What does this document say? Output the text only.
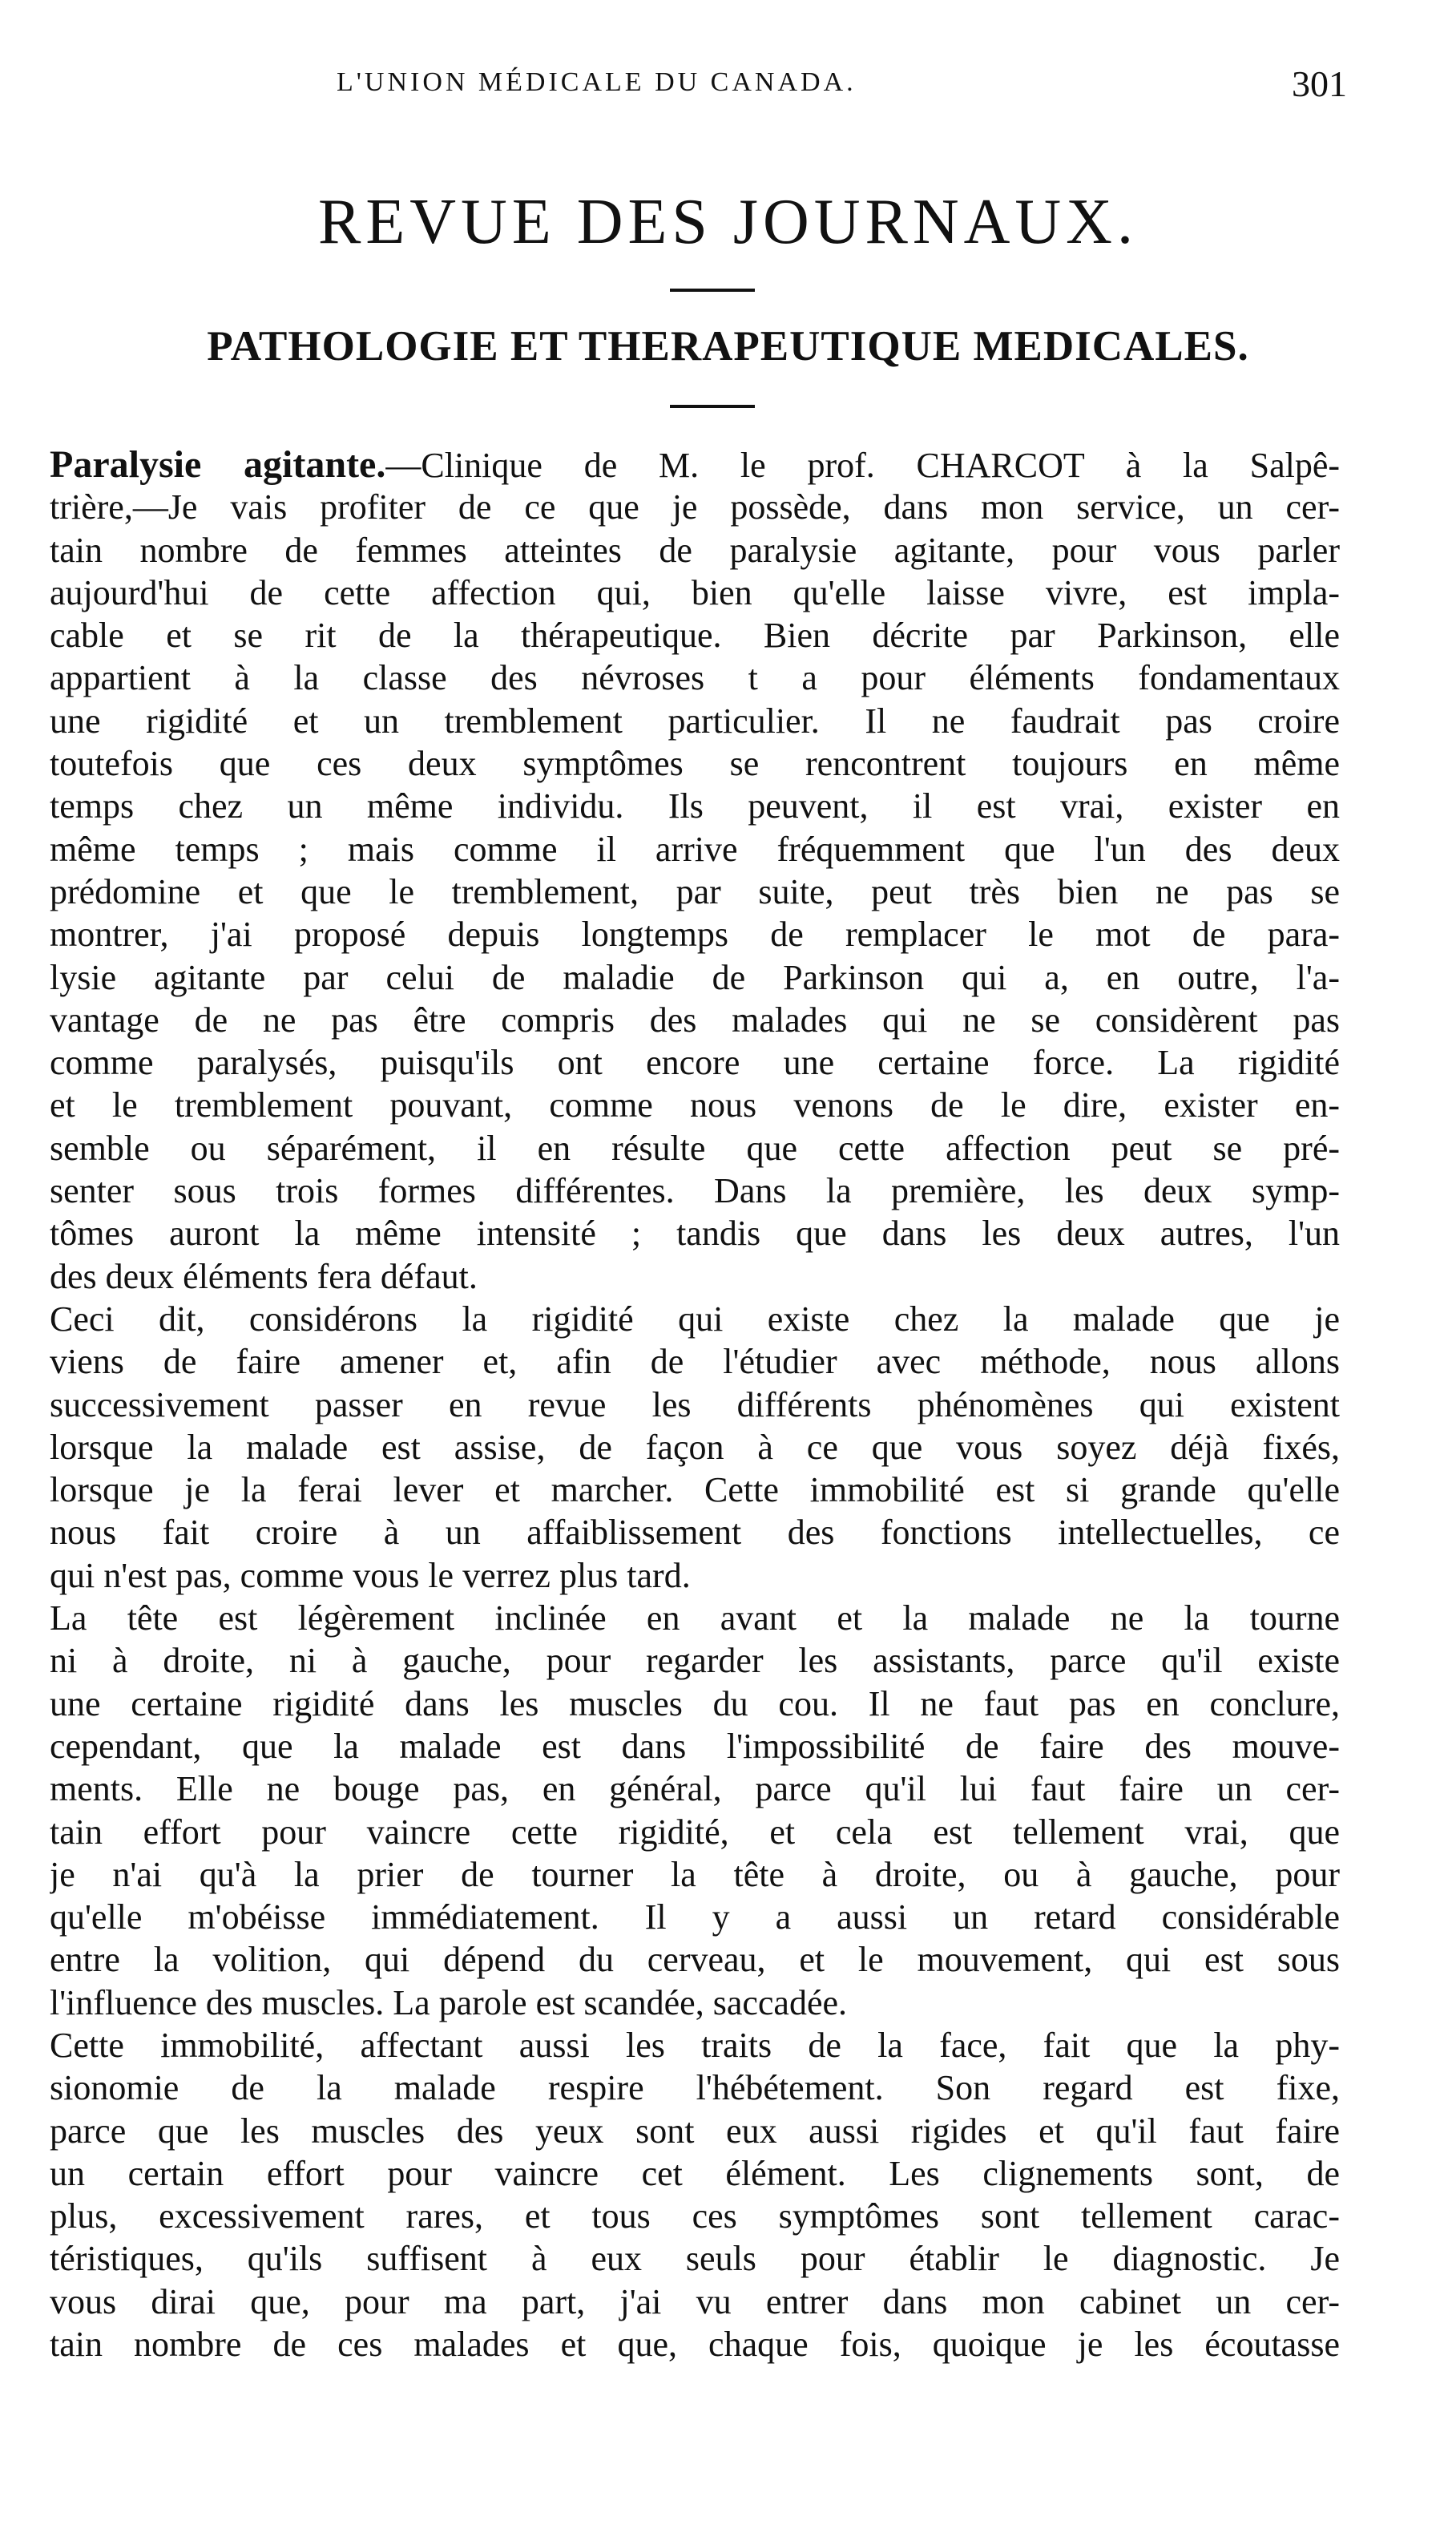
L'UNION MÉDICALE DU CANADA.	301
REVUE DES JOURNAUX.
PATHOLOGIE ET THERAPEUTIQUE MEDICALES.
Paralysie agitante.—Clinique de M. le prof. CHARCOT à la Salpê-
trière,—Je vais profiter de ce que je possède, dans mon service, un cer-
tain nombre de femmes atteintes de paralysie agitante, pour vous parler
aujourd'hui de cette affection qui, bien qu'elle laisse vivre, est impla-
cable et se rit de la thérapeutique. Bien décrite par Parkinson, elle
appartient à la classe des névroses t a pour éléments fondamentaux
une rigidité et un tremblement particulier. Il ne faudrait pas croire
toutefois que ces deux symptômes se rencontrent toujours en même
temps chez un même individu. Ils peuvent, il est vrai, exister en
même temps ; mais comme il arrive fréquemment que l'un des deux
prédomine et que le tremblement, par suite, peut très bien ne pas se
montrer, j'ai proposé depuis longtemps de remplacer le mot de para-
lysie agitante par celui de maladie de Parkinson qui a, en outre, l'a-
vantage de ne pas être compris des malades qui ne se considèrent pas
comme paralysés, puisqu'ils ont encore une certaine force. La rigidité
et le tremblement pouvant, comme nous venons de le dire, exister en-
semble ou séparément, il en résulte que cette affection peut se pré-
senter sous trois formes différentes. Dans la première, les deux symp-
tômes auront la même intensité ; tandis que dans les deux autres, l'un
des deux éléments fera défaut.
Ceci dit, considérons la rigidité qui existe chez la malade que je
viens de faire amener et, afin de l'étudier avec méthode, nous allons
successivement passer en revue les différents phénomènes qui existent
lorsque la malade est assise, de façon à ce que vous soyez déjà fixés,
lorsque je la ferai lever et marcher. Cette immobilité est si grande qu'elle
nous fait croire à un affaiblissement des fonctions intellectuelles, ce
qui n'est pas, comme vous le verrez plus tard.
La tête est légèrement inclinée en avant et la malade ne la tourne
ni à droite, ni à gauche, pour regarder les assistants, parce qu'il existe
une certaine rigidité dans les muscles du cou. Il ne faut pas en conclure,
cependant, que la malade est dans l'impossibilité de faire des mouve-
ments. Elle ne bouge pas, en général, parce qu'il lui faut faire un cer-
tain effort pour vaincre cette rigidité, et cela est tellement vrai, que
je n'ai qu'à la prier de tourner la tête à droite, ou à gauche, pour
qu'elle m'obéisse immédiatement. Il y a aussi un retard considérable
entre la volition, qui dépend du cerveau, et le mouvement, qui est sous
l'influence des muscles. La parole est scandée, saccadée.
Cette immobilité, affectant aussi les traits de la face, fait que la phy-
sionomie de la malade respire l'hébétement. Son regard est fixe,
parce que les muscles des yeux sont eux aussi rigides et qu'il faut faire
un certain effort pour vaincre cet élément. Les clignements sont, de
plus, excessivement rares, et tous ces symptômes sont tellement carac-
téristiques, qu'ils suffisent à eux seuls pour établir le diagnostic. Je
vous dirai que, pour ma part, j'ai vu entrer dans mon cabinet un cer-
tain nombre de ces malades et que, chaque fois, quoique je les écoutasse
